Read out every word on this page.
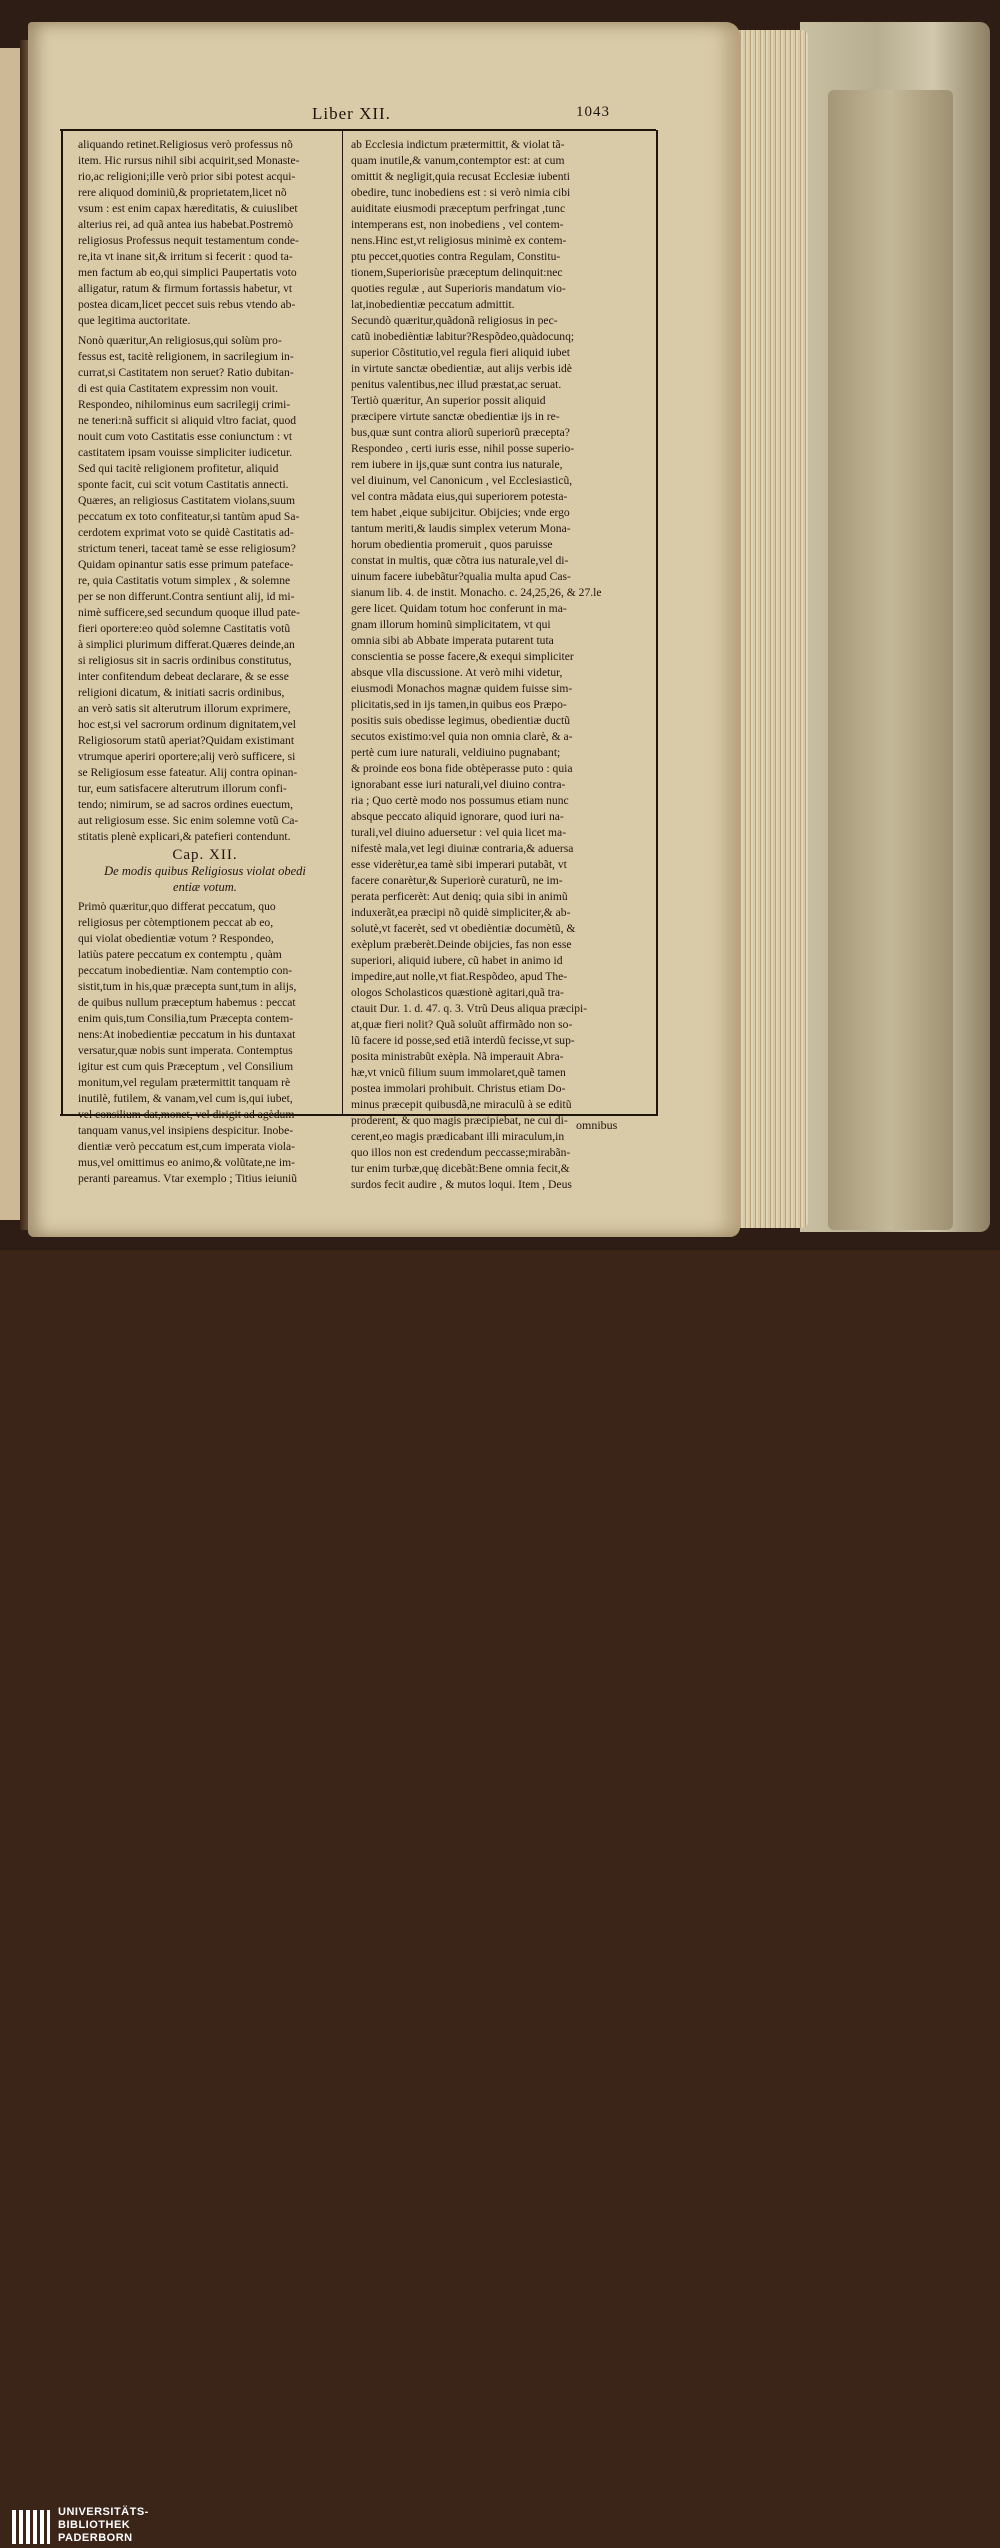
Liber XII.	1043

aliquando retinet.Religiosus verò professus nõ
item. Hic rursus nihil sibi acquirit,sed Monaste-
rio,ac religioni;ille verò prior sibi potest acqui-
rere aliquod dominiũ,& proprietatem,licet nõ
vsum : est enim capax hæreditatis, & cuiuslibet
alterius rei, ad quã antea ius habebat.Postremò
religiosus Professus nequit testamentum conde-
re,ita vt inane sit,& irritum si fecerit : quod ta-
men factum ab eo,qui simplici Paupertatis voto
alligatur, ratum & firmum fortassis habetur, vt
postea dicam,licet peccet suis rebus vtendo ab-
que legitima auctoritate.

Nonò quæritur,An religiosus,qui solùm pro-
fessus est, tacitè religionem, in sacrilegium in-
currat,si Castitatem non seruet? Ratio dubitan-
di est quia Castitatem expressim non vouit.
Respondeo, nihilominus eum sacrilegij crimi-
ne teneri:nã sufficit si aliquid vltro faciat, quod
nouit cum voto Castitatis esse coniunctum : vt
castitatem ipsam vouisse simpliciter iudicetur.
Sed qui tacitè religionem profitetur, aliquid
sponte facit, cui scit votum Castitatis annecti.
Quæres, an religiosus Castitatem violans,suum
peccatum ex toto confiteatur,si tantùm apud Sa-
cerdotem exprimat voto se quidè Castitatis ad-
strictum teneri, taceat tamè se esse religiosum?
Quidam opinantur satis esse primum pateface-
re, quia Castitatis votum simplex , & solemne
per se non differunt.Contra sentiunt alij, id mi-
nimè sufficere,sed secundum quoque illud pate-
fieri oportere:eo quòd solemne Castitatis votũ
à simplici plurimum differat.Quæres deinde,an
si religiosus sit in sacris ordinibus constitutus,
inter confitendum debeat declarare, & se esse
religioni dicatum, & initiati sacris ordinibus,
an verò satis sit alterutrum illorum exprimere,
hoc est,si vel sacrorum ordinum dignitatem,vel
Religiosorum statũ aperiat?Quidam existimant
vtrumque aperiri oportere;alij verò sufficere, si
se Religiosum esse fateatur. Alij contra opinan-
tur, eum satisfacere alterutrum illorum confi-
tendo; nimirum, se ad sacros ordines euectum,
aut religiosum esse. Sic enim solemne votũ Ca-
stitatis plenè explicari,& patefieri contendunt.

Cap. XII.
De modis quibus Religiosus violat obedi
entiæ votum.

Primò quæritur,quo differat peccatum, quo
religiosus per còtemptionem peccat ab eo,
qui violat obedientiæ votum ? Respondeo,
latiùs patere peccatum ex contemptu , quàm
peccatum inobedientiæ. Nam contemptio con-
sistit,tum in his,quæ præcepta sunt,tum in alijs,
de quibus nullum præceptum habemus : peccat
enim quis,tum Consilia,tum Præcepta contem-
nens:At inobedientiæ peccatum in his duntaxat
versatur,quæ nobis sunt imperata. Contemptus
igitur est cum quis Præceptum , vel Consilium
monitum,vel regulam prætermittit tanquam rè
inutilè, futilem, & vanam,vel cum is,qui iubet,
vel consilium dat,monet, vel dirigit ad agèdum
tanquam vanus,vel insipiens despicitur. Inobe-
dientiæ verò peccatum est,cum imperata viola-
mus,vel omittimus eo animo,& volũtate,ne im-
peranti pareamus. Vtar exemplo ; Titius ieiuniũ

ab Ecclesia indictum prætermittit, & violat tã-
quam inutile,& vanum,contemptor est: at cum
omittit & negligit,quia recusat Ecclesiæ iubenti
obedire, tunc inobediens est : si verò nimia cibi
auiditate eiusmodi præceptum perfringat ,tunc
intemperans est, non inobediens , vel contem-
nens.Hinc est,vt religiosus minimè ex contem-
ptu peccet,quoties contra Regulam, Constitu-
tionem,Superiorisùe præceptum delinquit:nec
quoties regulæ , aut Superioris mandatum vio-
lat,inobedientiæ peccatum admittit.

Secundò quæritur,quãdonã religiosus in pec-
catũ inobedièntiæ labitur?Respõdeo,quàdocunq;
superior Cõstitutio,vel regula fieri aliquid iubet
in virtute sanctæ obedientiæ, aut alijs verbis idè
penitus valentibus,nec illud præstat,ac seruat.

Tertiò quæritur, An superior possit aliquid
præcipere virtute sanctæ obedientiæ ijs in re-
bus,quæ sunt contra aliorũ superiorũ præcepta?
Respondeo , certi iuris esse, nihil posse superio-
rem iubere in ijs,quæ sunt contra ius naturale,
vel diuinum, vel Canonicum , vel Ecclesiasticũ,
vel contra mãdata eius,qui superiorem potesta-
tem habet ,eique subijcitur. Obijcies; vnde ergo
tantum meriti,& laudis simplex veterum Mona-
horum obedientia promeruit , quos paruisse
constat in multis, quæ cõtra ius naturale,vel di-
uinum facere iubebãtur?qualia multa apud Cas-
sianum lib. 4. de instit. Monacho. c. 24,25,26, & 27.le
gere licet. Quidam totum hoc conferunt in ma-
gnam illorum hominũ simplicitatem, vt qui
omnia sibi ab Abbate imperata putarent tuta
conscientia se posse facere,& exequi simpliciter
absque vlla discussione. At verò mihi videtur,
eiusmodi Monachos magnæ quidem fuisse sim-
plicitatis,sed in ijs tamen,in quibus eos Præpo-
positis suis obedisse legimus, obedientiæ ductũ
secutos existimo:vel quia non omnia clarè, & a-
pertè cum iure naturali, veldiuino pugnabant;
& proinde eos bona fide obtèperasse puto : quia
ignorabant esse iuri naturali,vel diuino contra-
ria ; Quo certè modo nos possumus etiam nunc
absque peccato aliquid ignorare, quod iuri na-
turali,vel diuino aduersetur : vel quia licet ma-
nifestè mala,vet legi diuinæ contraria,& aduersa
esse viderètur,ea tamè sibi imperari putabãt, vt
facere conarètur,& Superiorè curaturũ, ne im-
perata perficerèt: Aut deniq; quia sibi in animũ
induxerãt,ea præcipi nõ quidè simpliciter,& ab-
solutè,vt facerèt, sed vt obedièntiæ documètũ, &
exèplum præberèt.Deinde obijcies, fas non esse
superiori, aliquid iubere, cũ habet in animo id
impedire,aut nolle,vt fiat.Respõdeo, apud The-
ologos Scholasticos quæstionè agitari,quã tra-
ctauit Dur. 1. d. 47. q. 3. Vtrũ Deus aliqua præcipi-
at,quæ fieri nolit? Quã soluũt affirmãdo non so-
lũ facere id posse,sed etiã interdũ fecisse,vt sup-
posita ministrabũt exèpla. Nã imperauit Abra-
hæ,vt vnicũ filium suum immolaret,quẽ tamen
postea immolari prohibuit. Christus etiam Do-
minus præcepit quibusdã,ne miraculũ à se editũ
proderent, & quo magis præcipiebat, ne cui di-
cerent,eo magis prædicabant illi miraculum,in
quo illos non est credendum peccasse;mirabãn-
tur enim turbæ,quę dicebãt:Bene omnia fecit,&
surdos fecit audire , & mutos loqui. Item , Deus

omnibus
UNIVERSITÄTS-
BIBLIOTHEK
PADERBORN
